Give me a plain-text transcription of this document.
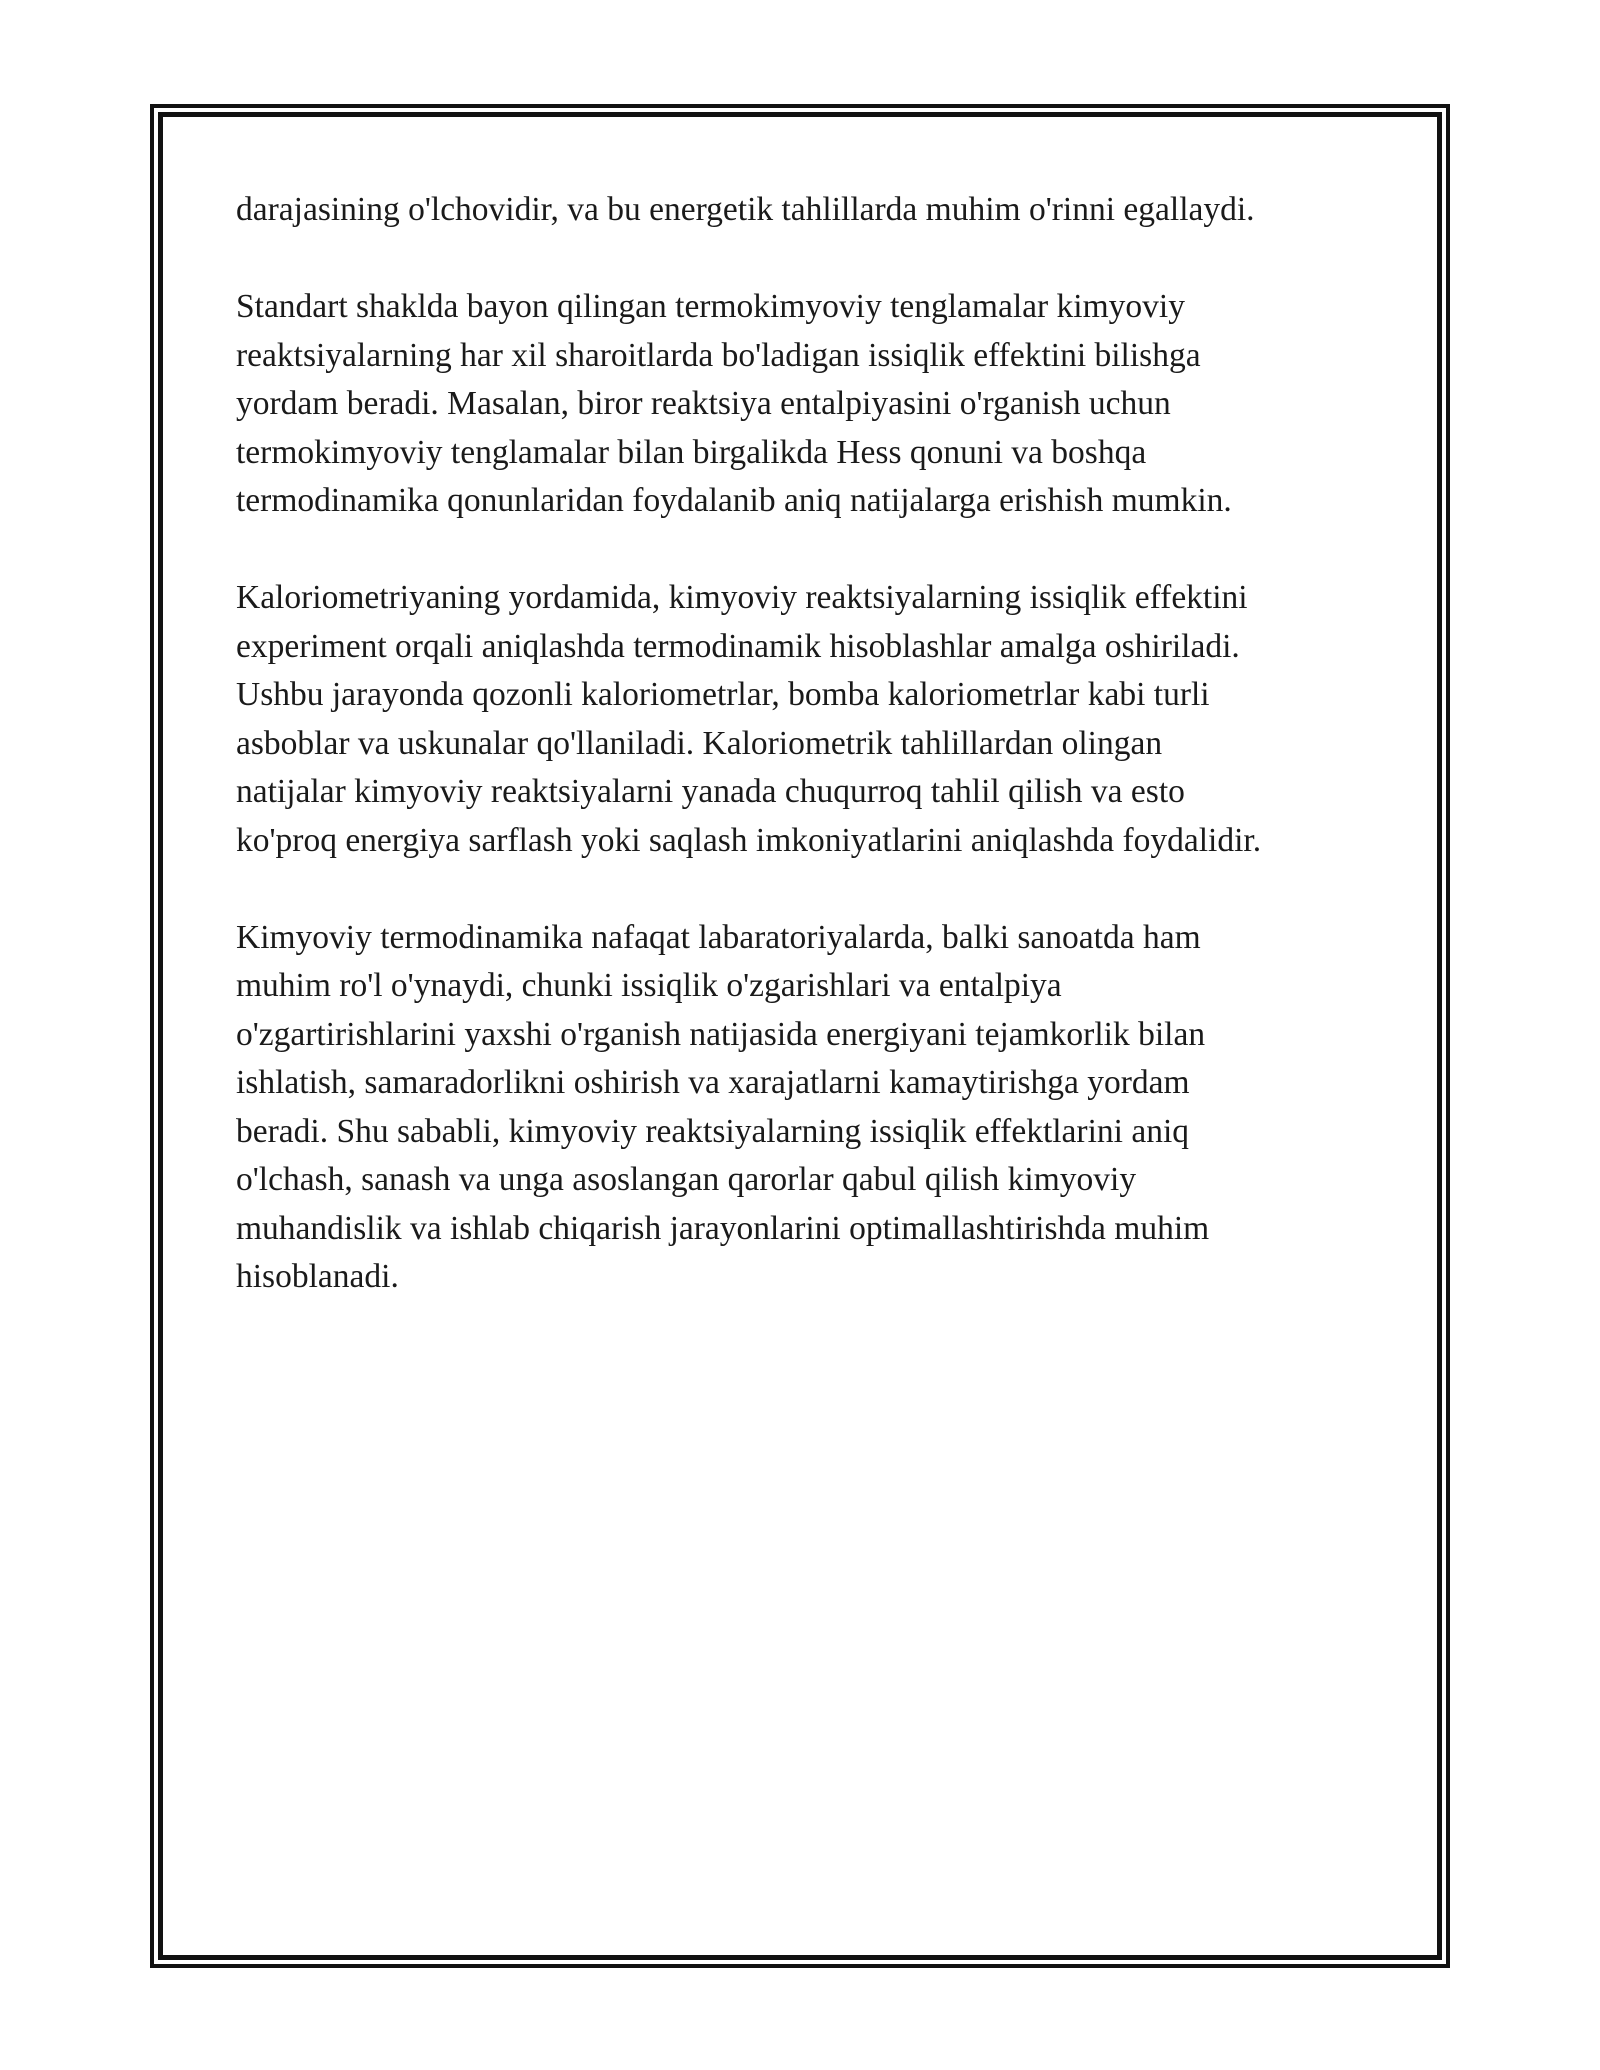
darajasining o'lchovidir, va bu energetik tahlillarda muhim o'rinni egallaydi.

Standart shaklda bayon qilingan termokimyoviy tenglamalar kimyoviy
reaktsiyalarning har xil sharoitlarda bo'ladigan issiqlik effektini bilishga
yordam beradi. Masalan, biror reaktsiya entalpiyasini o'rganish uchun
termokimyoviy tenglamalar bilan birgalikda Hess qonuni va boshqa
termodinamika qonunlaridan foydalanib aniq natijalarga erishish mumkin.

Kaloriometriyaning yordamida, kimyoviy reaktsiyalarning issiqlik effektini
experiment orqali aniqlashda termodinamik hisoblashlar amalga oshiriladi.
Ushbu jarayonda qozonli kaloriometrlar, bomba kaloriometrlar kabi turli
asboblar va uskunalar qo'llaniladi. Kaloriometrik tahlillardan olingan
natijalar kimyoviy reaktsiyalarni yanada chuqurroq tahlil qilish va esto
ko'proq energiya sarflash yoki saqlash imkoniyatlarini aniqlashda foydalidir.

Kimyoviy termodinamika nafaqat labaratoriyalarda, balki sanoatda ham
muhim ro'l o'ynaydi, chunki issiqlik o'zgarishlari va entalpiya
o'zgartirishlarini yaxshi o'rganish natijasida energiyani tejamkorlik bilan
ishlatish, samaradorlikni oshirish va xarajatlarni kamaytirishga yordam
beradi. Shu sababli, kimyoviy reaktsiyalarning issiqlik effektlarini aniq
o'lchash, sanash va unga asoslangan qarorlar qabul qilish kimyoviy
muhandislik va ishlab chiqarish jarayonlarini optimallashtirishda muhim
hisoblanadi.
